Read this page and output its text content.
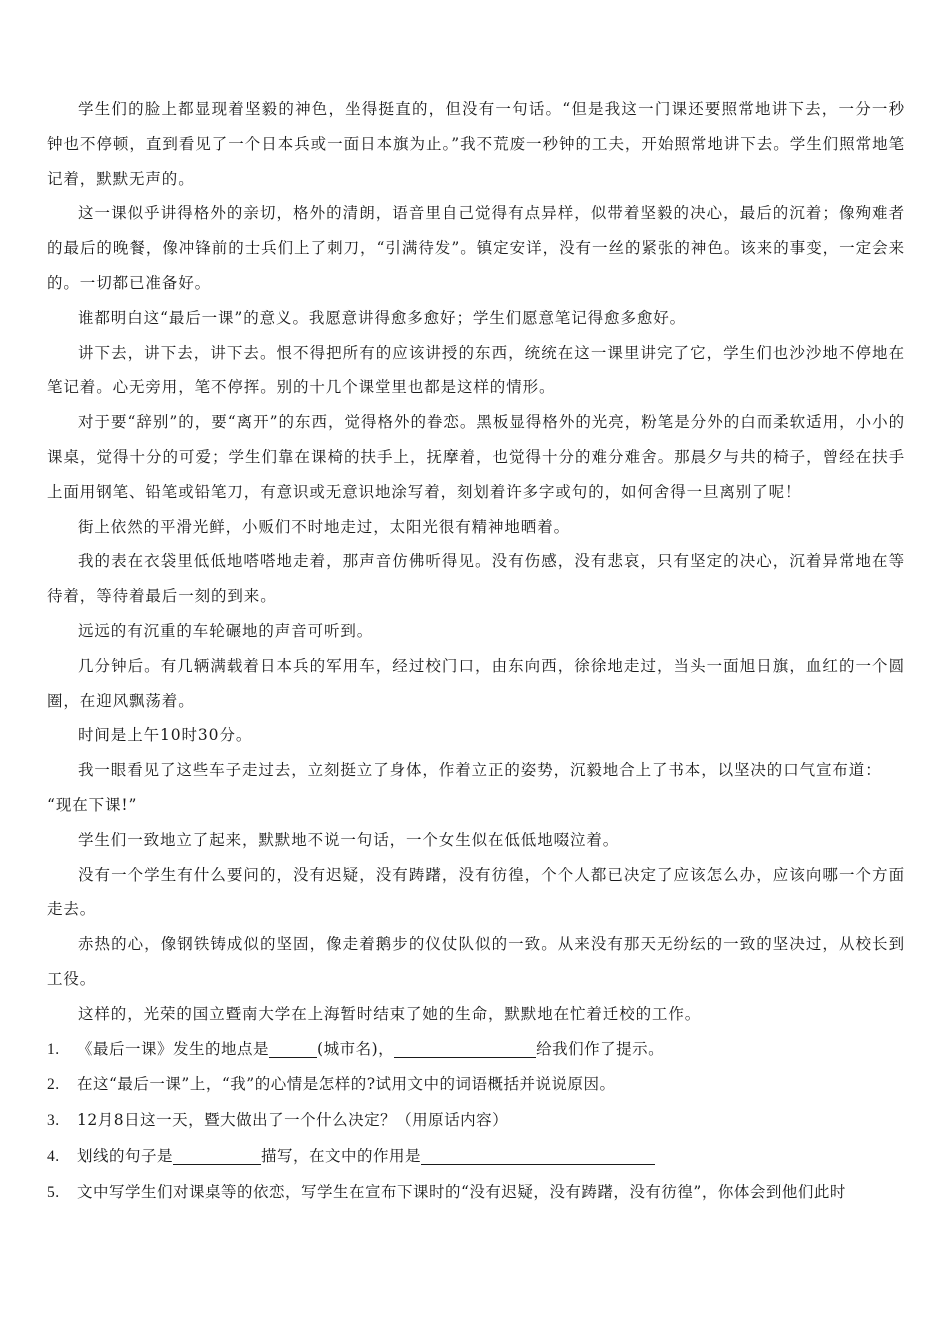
学生们的脸上都显现着坚毅的神色，坐得挺直的，但没有一句话。“但是我这一门课还要照常地讲下去，一分一秒钟也不停顿，直到看见了一个日本兵或一面日本旗为止。”我不荒废一秒钟的工夫，开始照常地讲下去。学生们照常地笔记着，默默无声的。

这一课似乎讲得格外的亲切，格外的清朗，语音里自己觉得有点异样，似带着坚毅的决心，最后的沉着；像殉难者的最后的晚餐，像冲锋前的士兵们上了刺刀，“引满待发”。镇定安详，没有一丝的紧张的神色。该来的事变，一定会来的。一切都已准备好。

谁都明白这“最后一课”的意义。我愿意讲得愈多愈好；学生们愿意笔记得愈多愈好。

讲下去，讲下去，讲下去。恨不得把所有的应该讲授的东西，统统在这一课里讲完了它，学生们也沙沙地不停地在笔记着。心无旁用，笔不停挥。别的十几个课堂里也都是这样的情形。

对于要“辞别”的，要“离开”的东西，觉得格外的眷恋。黑板显得格外的光亮，粉笔是分外的白而柔软适用，小小的课桌，觉得十分的可爱；学生们靠在课椅的扶手上，抚摩着，也觉得十分的难分难舍。那晨夕与共的椅子，曾经在扶手上面用钢笔、铅笔或铅笔刀，有意识或无意识地涂写着，刻划着许多字或句的，如何舍得一旦离别了呢！

街上依然的平滑光鲜，小贩们不时地走过，太阳光很有精神地晒着。

我的表在衣袋里低低地嗒嗒地走着，那声音仿佛听得见。没有伤感，没有悲哀，只有坚定的决心，沉着异常地在等待着，等待着最后一刻的到来。

远远的有沉重的车轮碾地的声音可听到。

几分钟后。有几辆满载着日本兵的军用车，经过校门口，由东向西，徐徐地走过，当头一面旭日旗，血红的一个圆圈，在迎风飘荡着。

时间是上午10时30分。

我一眼看见了这些车子走过去，立刻挺立了身体，作着立正的姿势，沉毅地合上了书本，以坚决的口气宣布道：

“现在下课!”

学生们一致地立了起来，默默地不说一句话，一个女生似在低低地啜泣着。

没有一个学生有什么要问的，没有迟疑，没有踌躇，没有彷徨，个个人都已决定了应该怎么办，应该向哪一个方面走去。

赤热的心，像钢铁铸成似的坚固，像走着鹅步的仪仗队似的一致。从来没有那天无纷纭的一致的坚决过，从校长到工役。

这样的，光荣的国立暨南大学在上海暂时结束了她的生命，默默地在忙着迁校的工作。

1. 《最后一课》发生的地点是	(城市名)，	给我们作了提示。
2. 在这“最后一课”上，“我”的心情是怎样的?试用文中的词语概括并说说原因。
3. 12月8日这一天，暨大做出了一个什么决定？（用原话内容）
4. 划线的句子是	描写，在文中的作用是
5. 文中写学生们对课桌等的依恋，写学生在宣布下课时的“没有迟疑，没有踌躇，没有彷徨”，你体会到他们此时
